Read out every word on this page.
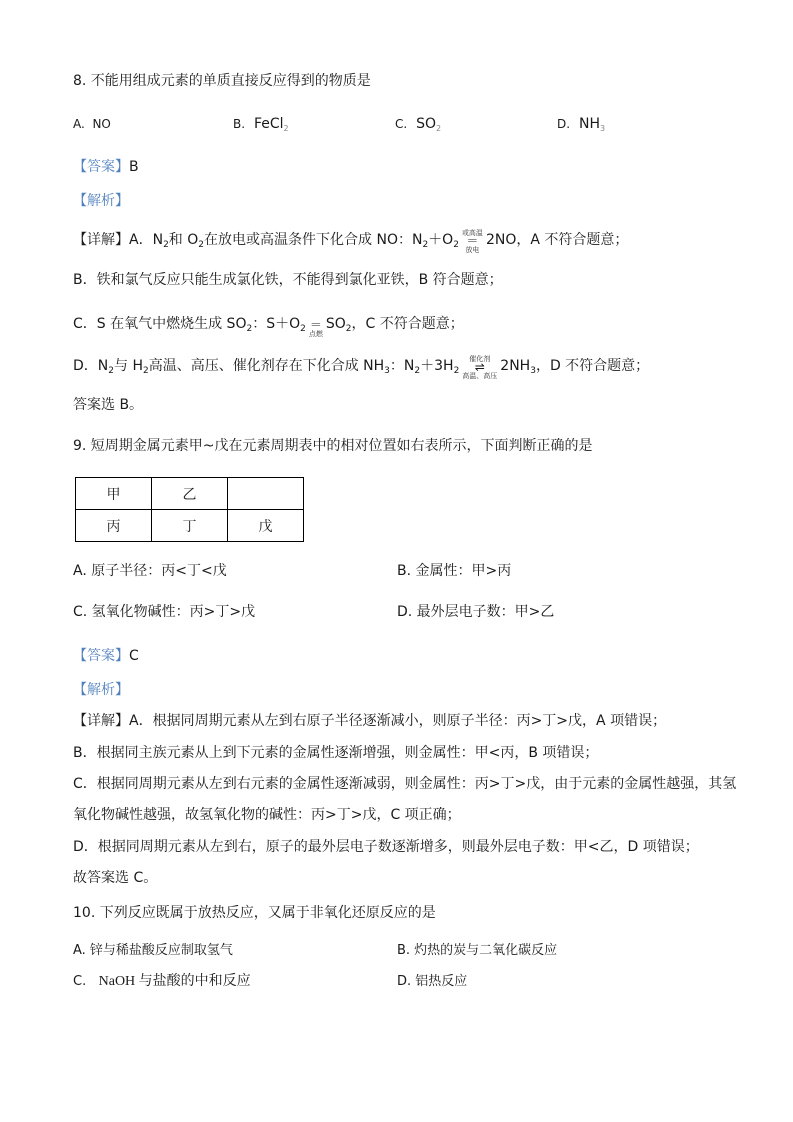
8. 不能用组成元素的单质直接反应得到的物质是
A. NO	B. FeCl$_2$	C. $SO_2$	D. $NH_3$
【答案】B
【解析】
【详解】A．$N_2$和 $O_2$在放电或高温条件下化合成 NO：$N_2+O_2$
或高温
＝
放电
2NO，A 不符合题意；
B．铁和氯气反应只能生成氯化铁，不能得到氯化亚铁，B 符合题意；
C．S 在氧气中燃烧生成 $SO_2$：$S+O_2$
＝
点燃
$SO_2$，C 不符合题意；
D．$N_2$与 $H_2$高温、高压、催化剂存在下化合成 $NH_3$：$N_2+3H_2$
催化剂
⇌
高温、高压
$2NH_3$，D 不符合题意；
答案选 B。
9. 短周期金属元素甲~戊在元素周期表中的相对位置如右表所示，下面判断正确的是
甲	乙	
丙	丁	戊
A. 原子半径：丙<丁<戊	B. 金属性：甲>丙
C. 氢氧化物碱性：丙>丁>戊	D. 最外层电子数：甲>乙
【答案】C
【解析】
【详解】A．根据同周期元素从左到右原子半径逐渐减小，则原子半径：丙>丁>戊，A 项错误；
B．根据同主族元素从上到下元素的金属性逐渐增强，则金属性：甲<丙，B 项错误；
C．根据同周期元素从左到右元素的金属性逐渐减弱，则金属性：丙>丁>戊，由于元素的金属性越强，其氢
氧化物碱性越强，故氢氧化物的碱性：丙>丁>戊，C 项正确；
D．根据同周期元素从左到右，原子的最外层电子数逐渐增多，则最外层电子数：甲<乙，D 项错误；
故答案选 C。
10. 下列反应既属于放热反应，又属于非氧化还原反应的是
A. 锌与稀盐酸反应制取氢气	B. 灼热的炭与二氧化碳反应
C. NaOH 与盐酸的中和反应	D. 铝热反应
